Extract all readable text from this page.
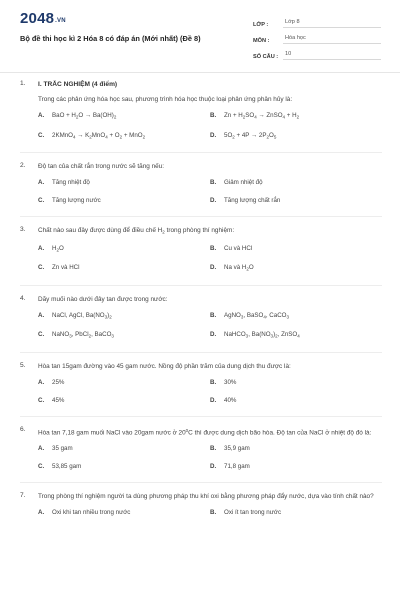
2048.VN
Bộ đề thi học kì 2 Hóa 8 có đáp án (Mới nhất) (Đề 8)
LỚP :	Lớp 8
MÔN :	Hóa học
SỐ CÂU :	10
1. I. TRẮC NGHIỆM (4 điểm)
Trong các phản ứng hóa học sau, phương trình hóa học thuộc loại phản ứng phân hủy là:
A.	BaO + $H_2O \to Ba(OH)_2$	B.	$Zn + H_2SO_4$ → ZnSO$_4$ + $H_2$
C.	2KMnO$_4$ → $K_2MnO_4 + O_2 + MnO_2$	D.	$5O_2 + 4P \to 2P_2O_5$
2. Độ tan của chất rắn trong nước sẽ tăng nếu:
A.	Tăng nhiệt độ	B.	Giảm nhiệt độ
C.	Tăng lượng nước	D.	Tăng lượng chất rắn
3. Chất nào sau đây được dùng để điều chế $H_2$ trong phòng thí nghiệm:
A.	$H_2O$	B.	Cu và HCl
C.	Zn và HCl	D.	Na và $H_2O$
4. Dãy muối nào dưới đây tan được trong nước:
A.	NaCl, AgCl, $Ba(NO_3)_2$	B.	AgNO$_3$, BaSO$_4$, CaCO$_3$
C.	NaNO$_3$, PbCl$_2$, BaCO$_3$	D.	NaHCO$_3$, $Ba(NO_3)_2$, ZnSO$_4$
5. Hòa tan 15gam đường vào 45 gam nước. Nồng độ phần trăm của dung dịch thu được là:
A.	25%	B.	30%
C.	45%	D.	40%
6. Hòa tan 7,18 gam muối NaCl vào 20gam nước ở $20^0C$ thì được dung dịch bão hòa. Độ tan của NaCl ở nhiệt độ đó là:
A.	35 gam	B.	35,9 gam
C.	53,85 gam	D.	71,8 gam
7. Trong phòng thí nghiệm người ta dùng phương pháp thu khí oxi bằng phương pháp đẩy nước, dựa vào tính chất nào?
A.	Oxi khi tan nhiều trong nước	B.	Oxi ít tan trong nước
